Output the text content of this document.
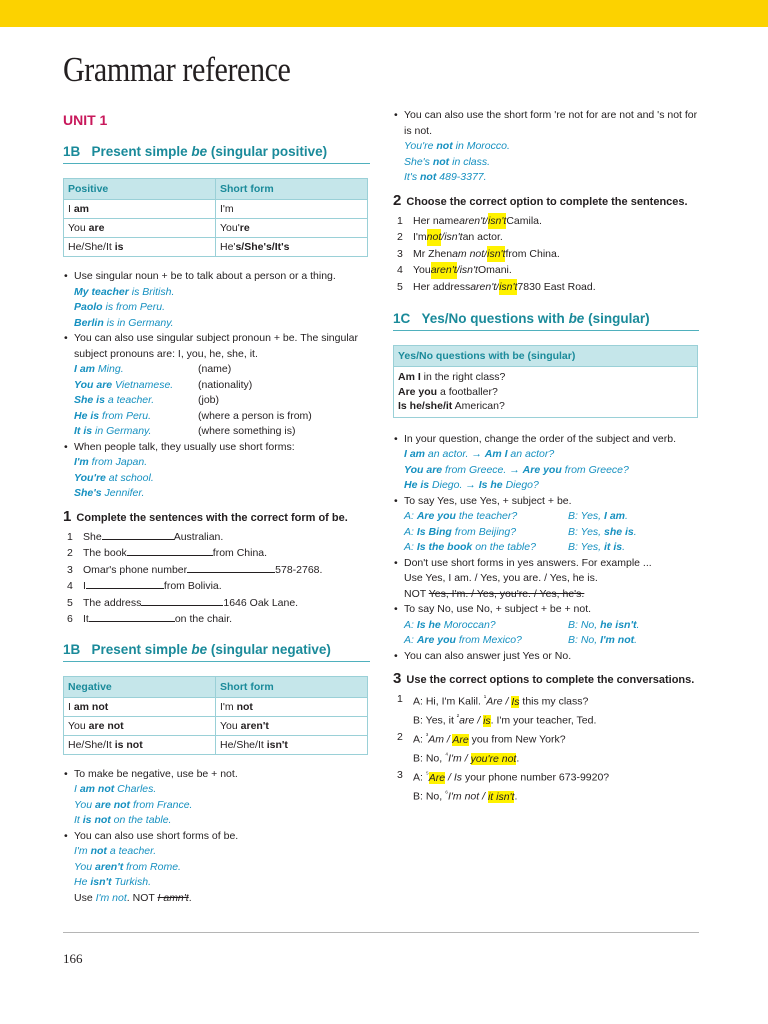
Grammar reference
UNIT 1
1B Present simple be (singular positive)
Positive	Short form
I am	I'm
You are	You're
He/She/It is	He's/She's/It's

• Use singular noun + be to talk about a person or a thing.

My teacher is British.
Paolo is from Peru.
Berlin is in Germany.

• You can also use singular subject pronoun + be. The singular subject pronouns are: I, you, he, she, it.

I am Ming.	(name)
You are Vietnamese.	(nationality)
She is a teacher.	(job)
He is from Peru.	(where a person is from)
It is in Germany.	(where something is)

• When people talk, they usually use short forms:

I'm from Japan.
You're at school.
She's Jennifer.
1 Complete the sentences with the correct form of be.
1 She	Australian.
2 The book	from China.
3 Omar's phone number	578-2768.
4 I	from Bolivia.
5 The address	1646 Oak Lane.
6 It	on the chair.
1B Present simple be (singular negative)
Negative	Short form
I am not	I'm not
You are not	You aren't
He/She/It is not	He/She/It isn't

• To make be negative, use be + not.

I am not Charles.
You are not from France.
It is not on the table.

• You can also use short forms of be.

I'm not a teacher.
You aren't from Rome.
He isn't Turkish.
Use I'm not. NOT I amn't.

• You can also use the short form 're not for are not and 's not for is not.

You're not in Morocco.
She's not in class.
It's not 489-3377.
2 Choose the correct option to complete the sentences.
1 Her name aren't / isn't Camila.
2 I'm not / isn't an actor.
3 Mr Zhen am not / isn't from China.
4 You aren't / isn't Omani.
5 Her address aren't / isn't 7830 East Road.
1C Yes/No questions with be (singular)
Yes/No questions with be (singular)

Am I in the right class?
Are you a footballer?
Is he/she/it American?

• In your question, change the order of the subject and verb.

I am an actor. → Am I an actor?
You are from Greece. → Are you from Greece?
He is Diego. → Is he Diego?

• To say Yes, use Yes, + subject + be.

A: Are you the teacher?	B: Yes, I am.
A: Is Bing from Beijing?	B: Yes, she is.
A: Is the book on the table?	B: Yes, it is.

• Don't use short forms in yes answers. For example ...

Use Yes, I am. / Yes, you are. / Yes, he is.
NOT Yes, I'm. / Yes, you're. / Yes, he's.

• To say No, use No, + subject + be + not.

A: Is he Moroccan?	B: No, he isn't.
A: Are you from Mexico?	B: No, I'm not.

• You can also answer just Yes or No.

3 Use the correct options to complete the conversations.
1 A: Hi, I'm Kalil. $^{^1}$Are / Is this my class?
B: Yes, it $^{^2}$are / is. I'm your teacher, Ted.
2 A: $^{^3}$Am / Are you from New York?
B: No, $^{^4}$I'm / you're not.
3 A: $^{^5}$Are / Is your phone number 673-9920?
B: No, $^{^6}$I'm not / it isn't.
166
